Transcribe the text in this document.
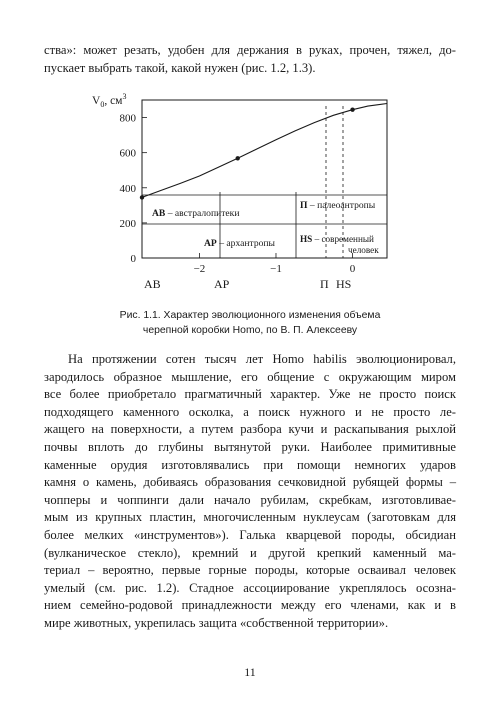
ства»: может резать, удобен для держания в руках, прочен, тяжел, до-
пускает выбрать такой, какой нужен (рис. 1.2, 1.3).
$V_0$, $см^3$
AB – австралопитеки
AP – архантропы
П – палеоантропы
HS – современный
человек
AB	AP	П HS
0
200
400
600
800
−2	−1	0
Рис. 1.1. Характер эволюционного изменения объема
черепной коробки Homo, по В. П. Алексееву
На протяжении сотен тысяч лет Homo habilis эволюционировал,
зародилось образное мышление, его общение с окружающим миром
все более приобретало прагматичный характер. Уже не просто поиск
подходящего каменного осколка, а поиск нужного и не просто ле-
жащего на поверхности, а путем разбора кучи и раскапывания рыхлой
почвы вплоть до глубины вытянутой руки. Наиболее примитивные
каменные орудия изготовлявались при помощи немногих ударов
камня о камень, добиваясь образования сечковидной рубящей формы –
чопперы и чоппинги дали начало рубилам, скребкам, изготовливае-
мым из крупных пластин, многочисленным нуклеусам (заготовкам для
более мелких «инструментов»). Галька кварцевой породы, обсидиан
(вулканическое стекло), кремний и другой крепкий каменный ма-
териал – вероятно, первые горные породы, которые осваивал человек
умелый (см. рис. 1.2). Стадное ассоциирование укреплялось осозна-
нием семейно-родовой принадлежности между его членами, как и в
мире животных, укрепилась защита «собственной территории».
11
